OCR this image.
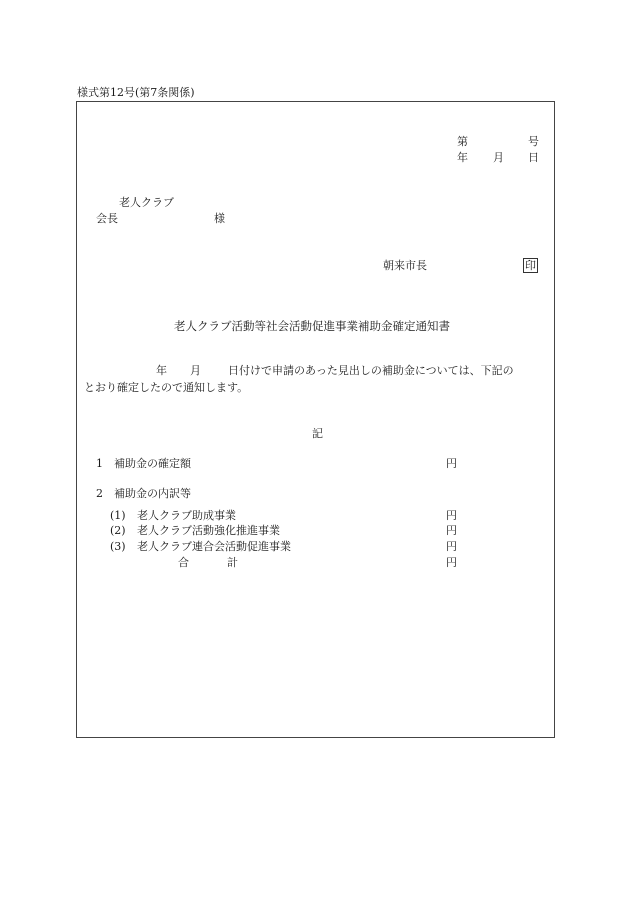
様式第12号(第7条関係)
第	号
年 月 日
老人クラブ
会長	様
朝来市長	印
老人クラブ活動等社会活動促進事業補助金確定通知書
年 月 日付けで申請のあった見出しの補助金については、下記の
とおり確定したので通知します。
記
1　補助金の確定額	円
2　補助金の内訳等
(1) 老人クラブ助成事業	円
(2) 老人クラブ活動強化推進事業	円
(3) 老人クラブ連合会活動促進事業	円
合	計	円
